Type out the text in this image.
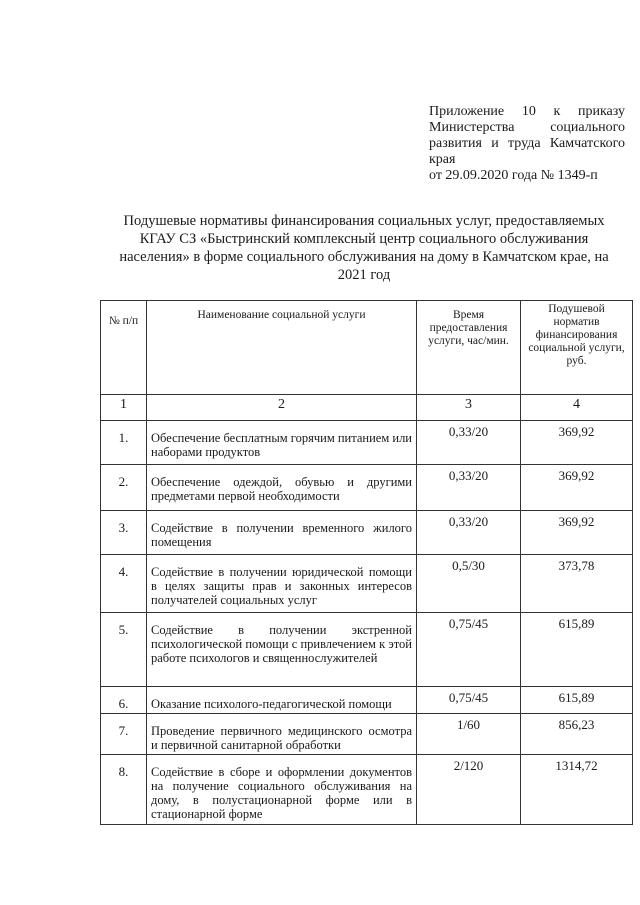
Приложение 10 к приказу
Министерства социального
развития и труда Камчатского
края
от 29.09.2020 года № 1349-п
Подушевые нормативы финансирования социальных услуг, предоставляемых КГАУ СЗ «Быстринский комплексный центр социального обслуживания населения» в форме социального обслуживания на дому в Камчатском крае, на 2021 год
№ п/п	Наименование социальной услуги	Время предоставления услуги, час/мин.	Подушевой норматив финансирования социальной услуги, руб.
1	2	3	4
1.	Обеспечение бесплатным горячим питанием или наборами продуктов	0,33/20	369,92
2.	Обеспечение одеждой, обувью и другими предметами первой необходимости	0,33/20	369,92
3.	Содействие в получении временного жилого помещения	0,33/20	369,92
4.	Содействие в получении юридической помощи в целях защиты прав и законных интересов получателей социальных услуг	0,5/30	373,78
5.	Содействие в получении экстренной психологической помощи с привлечением к этой работе психологов и священнослужителей	0,75/45	615,89
6.	Оказание психолого-педагогической помощи	0,75/45	615,89
7.	Проведение первичного медицинского осмотра и первичной санитарной обработки	1/60	856,23
8.	Содействие в сборе и оформлении документов на получение социального обслуживания на дому, в полустационарной форме или в стационарной форме	2/120	1314,72
